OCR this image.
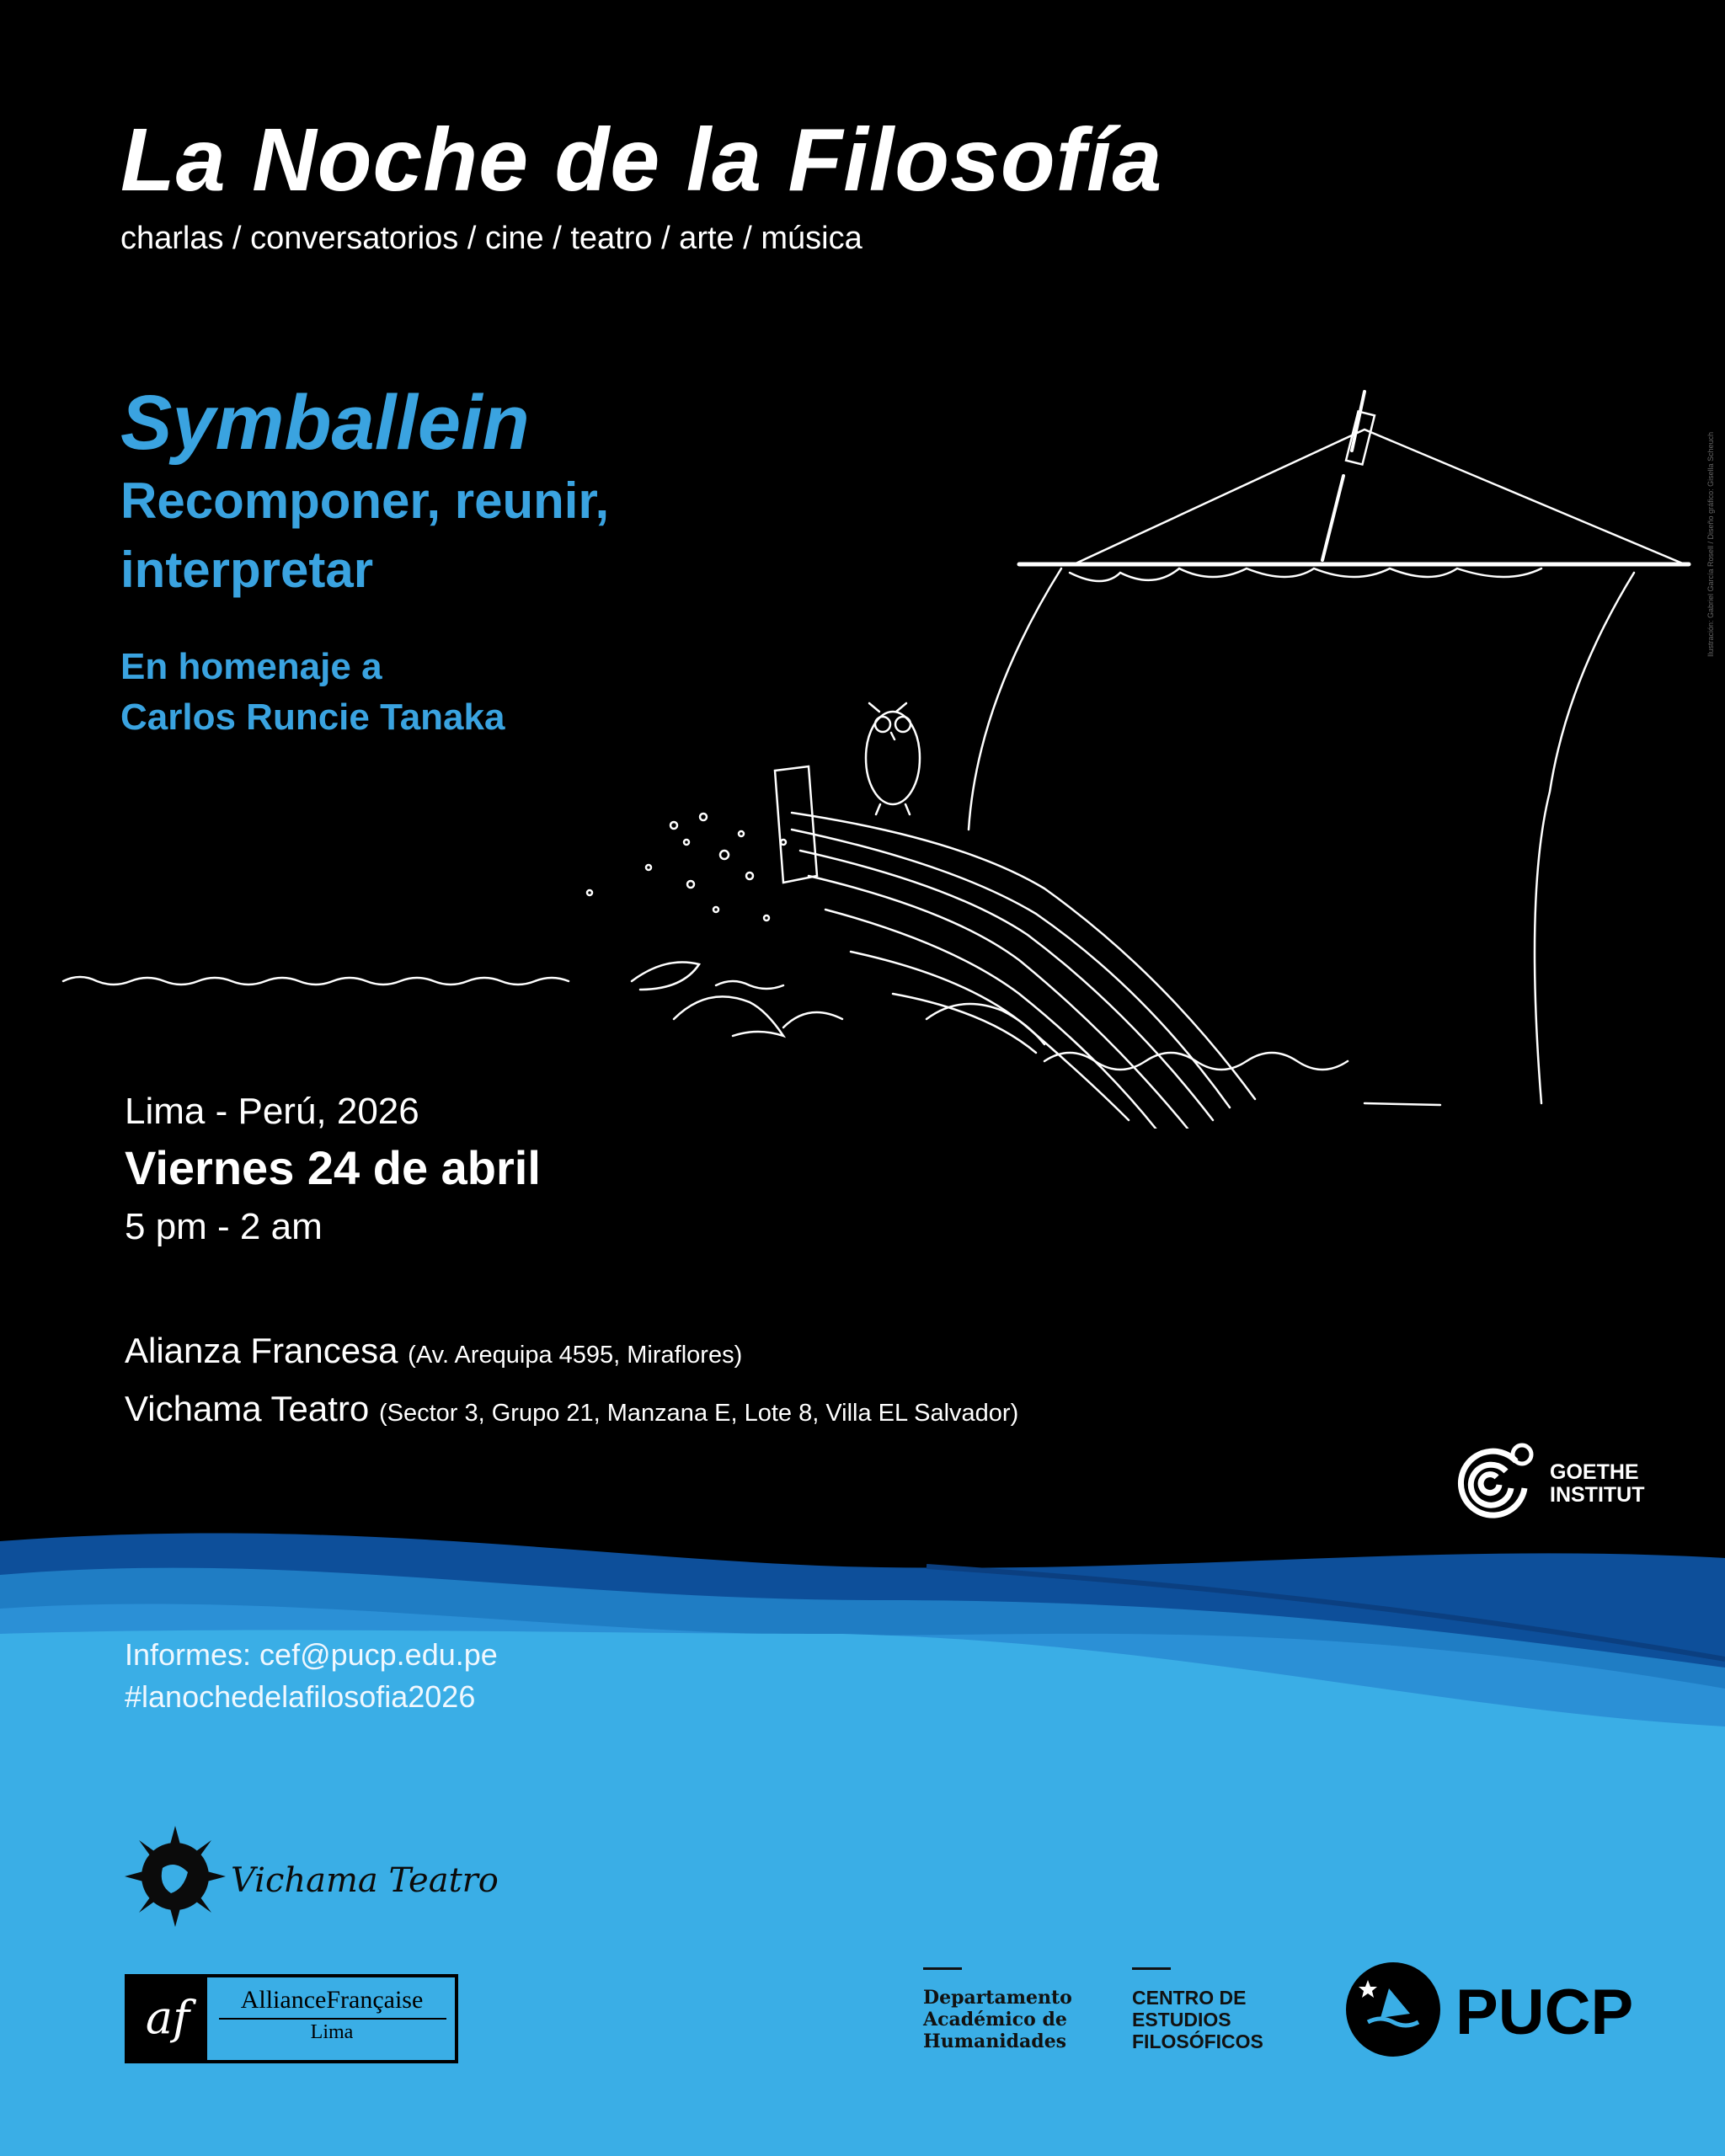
La Noche de la Filosofía
charlas / conversatorios / cine / teatro / arte / música
Symballein
Recomponer, reunir,
interpretar
En homenaje a
Carlos Runcie Tanaka
Ilustración: Gabriel García Rosell / Diseño gráfico: Gisella Scheuch
Lima - Perú, 2026
Viernes 24 de abril
5 pm - 2 am
Alianza Francesa (Av. Arequipa 4595, Miraflores)
Vichama Teatro (Sector 3, Grupo 21, Manzana E, Lote 8, Villa EL Salvador)
GOETHE
INSTITUT
Informes: cef@pucp.edu.pe
#lanochedelafilosofia2026
Vichama Teatro
af	AllianceFrançaise
Lima
Departamento
Académico de
Humanidades
CENTRO DE
ESTUDIOS
FILOSÓFICOS	PUCP
